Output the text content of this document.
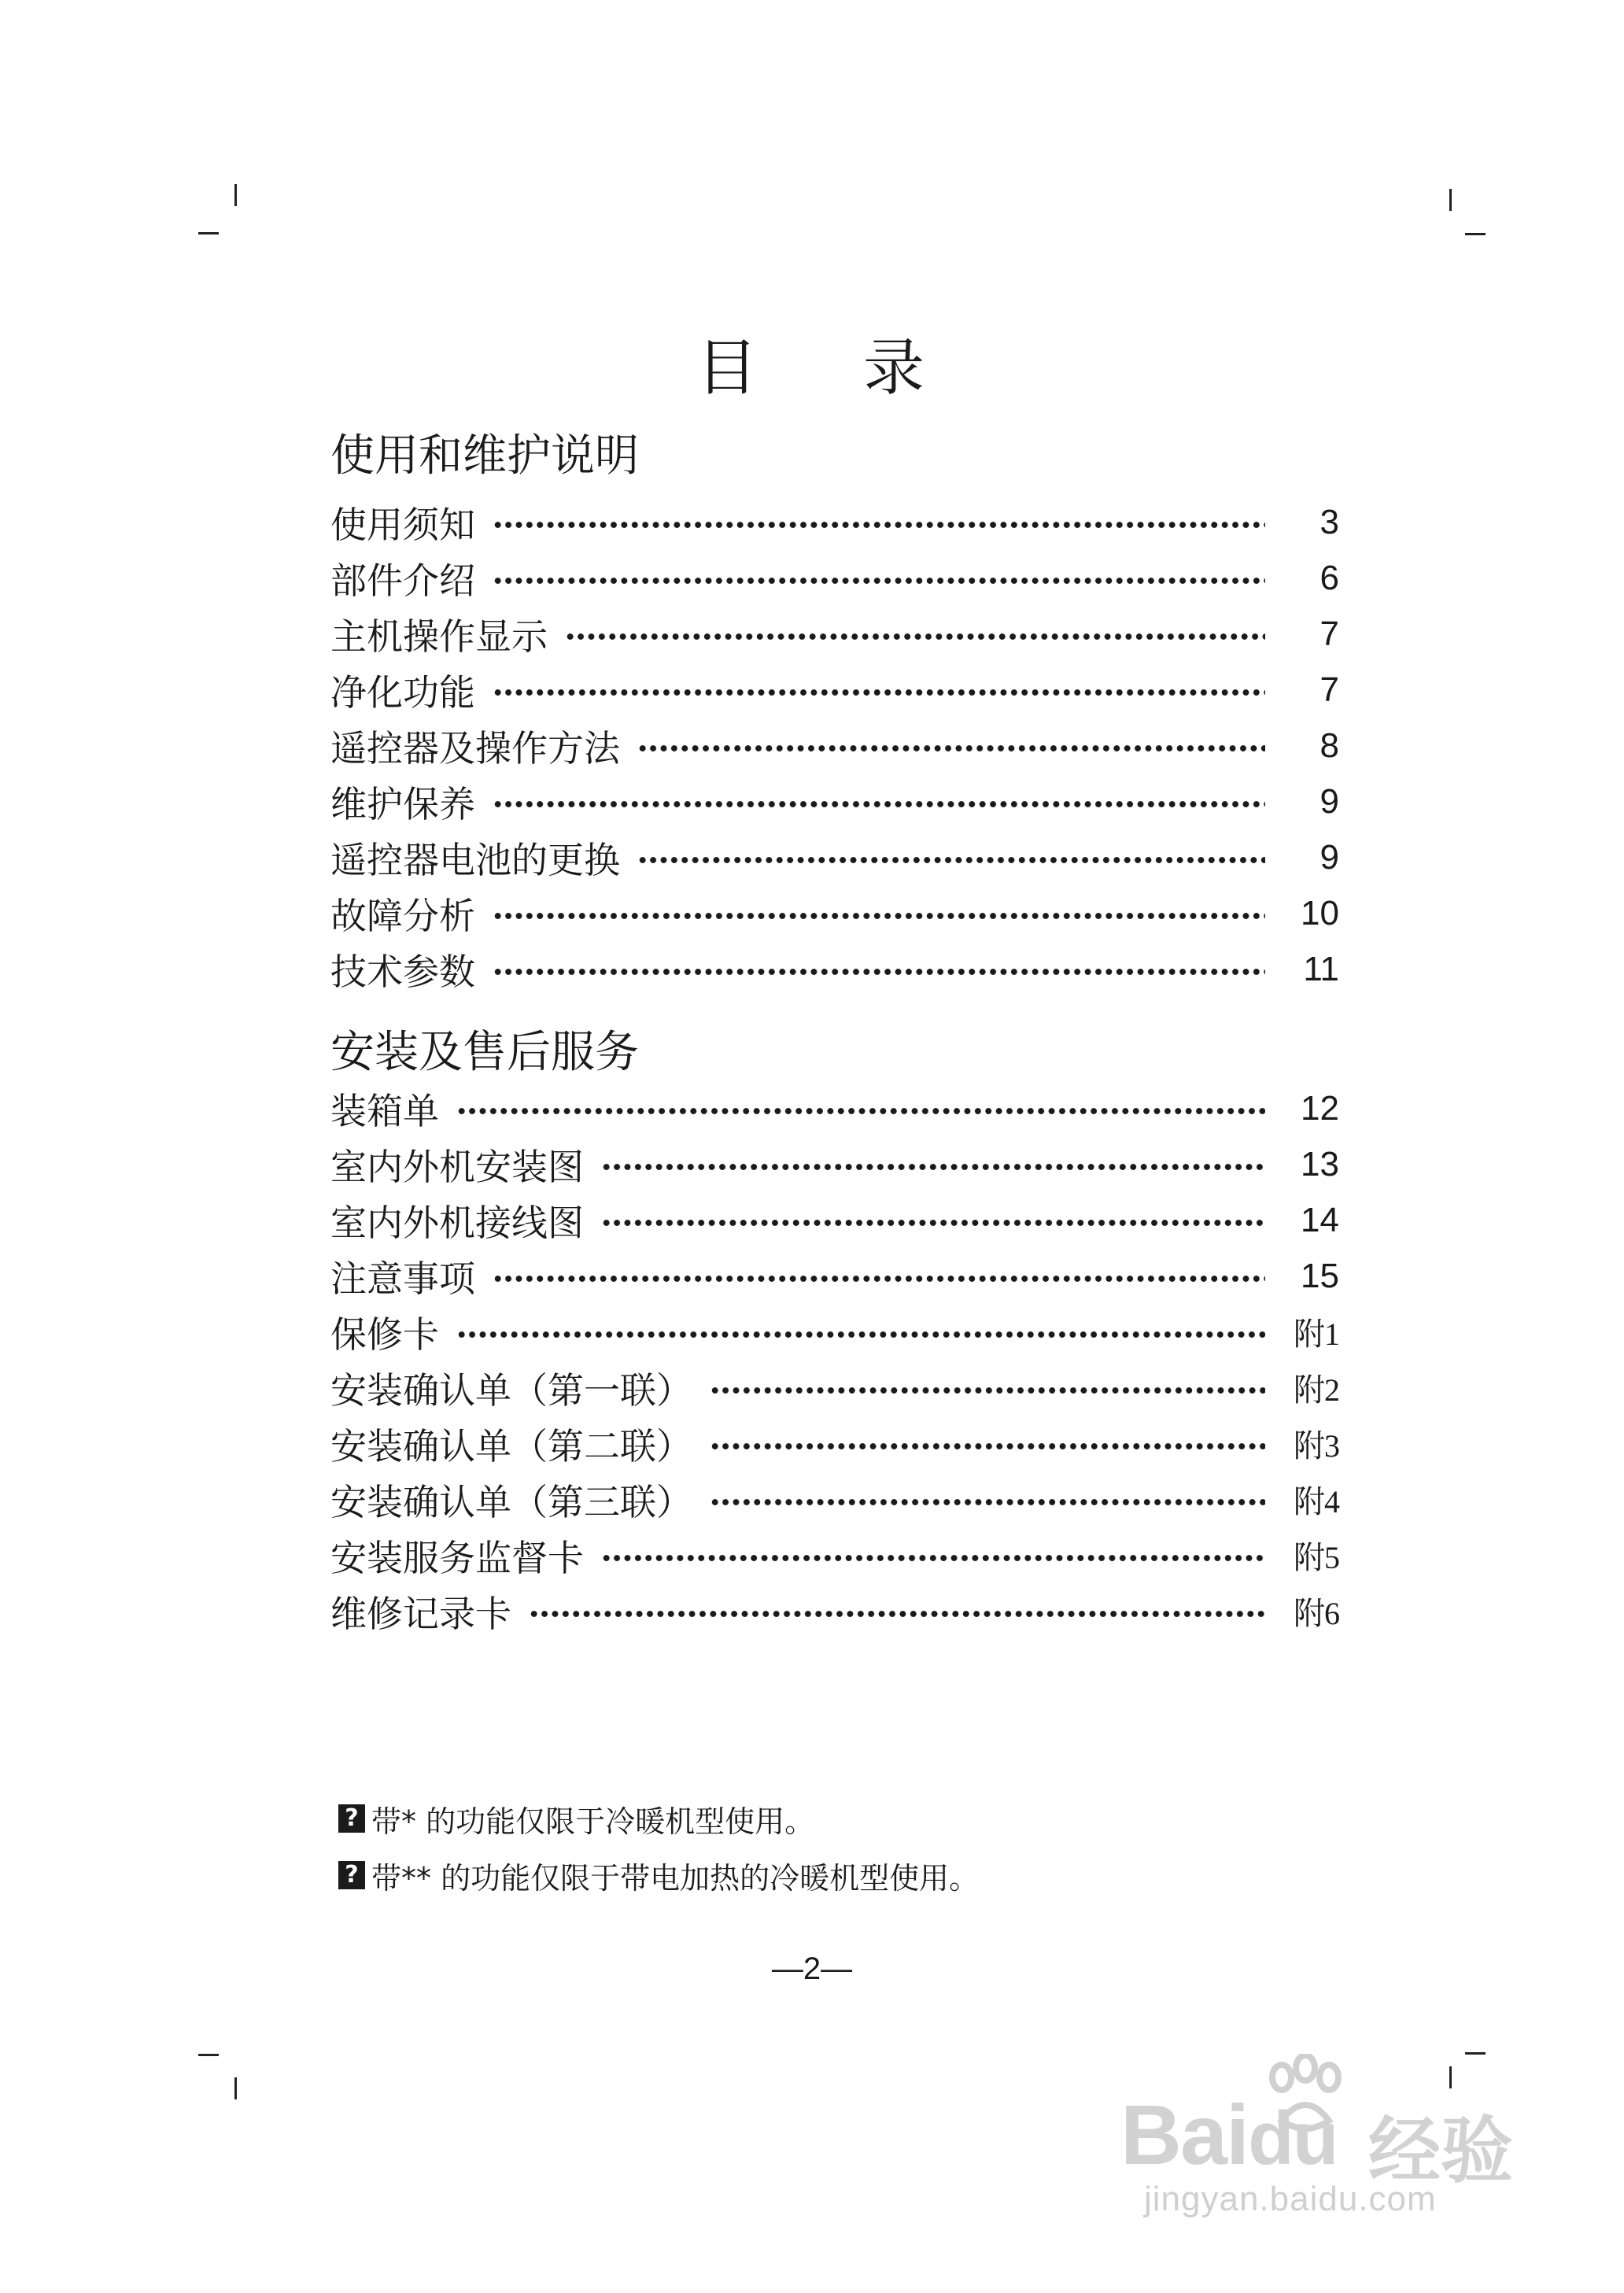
目 录
使用和维护说明
使用须知	3
部件介绍	6
主机操作显示	7
净化功能	7
遥控器及操作方法	8
维护保养	9
遥控器电池的更换	9
故障分析	10
技术参数	11
安装及售后服务
装箱单	12
室内外机安装图	13
室内外机接线图	14
注意事项	15
保修卡	附1
安装确认单（第一联）	附2
安装确认单（第二联）	附3
安装确认单（第三联）	附4
安装服务监督卡	附5
维修记录卡	附6
? 带* 的功能仅限于冷暖机型使用。
? 带** 的功能仅限于带电加热的冷暖机型使用。
—2—
Baidu 经验
jingyan.baidu.com
